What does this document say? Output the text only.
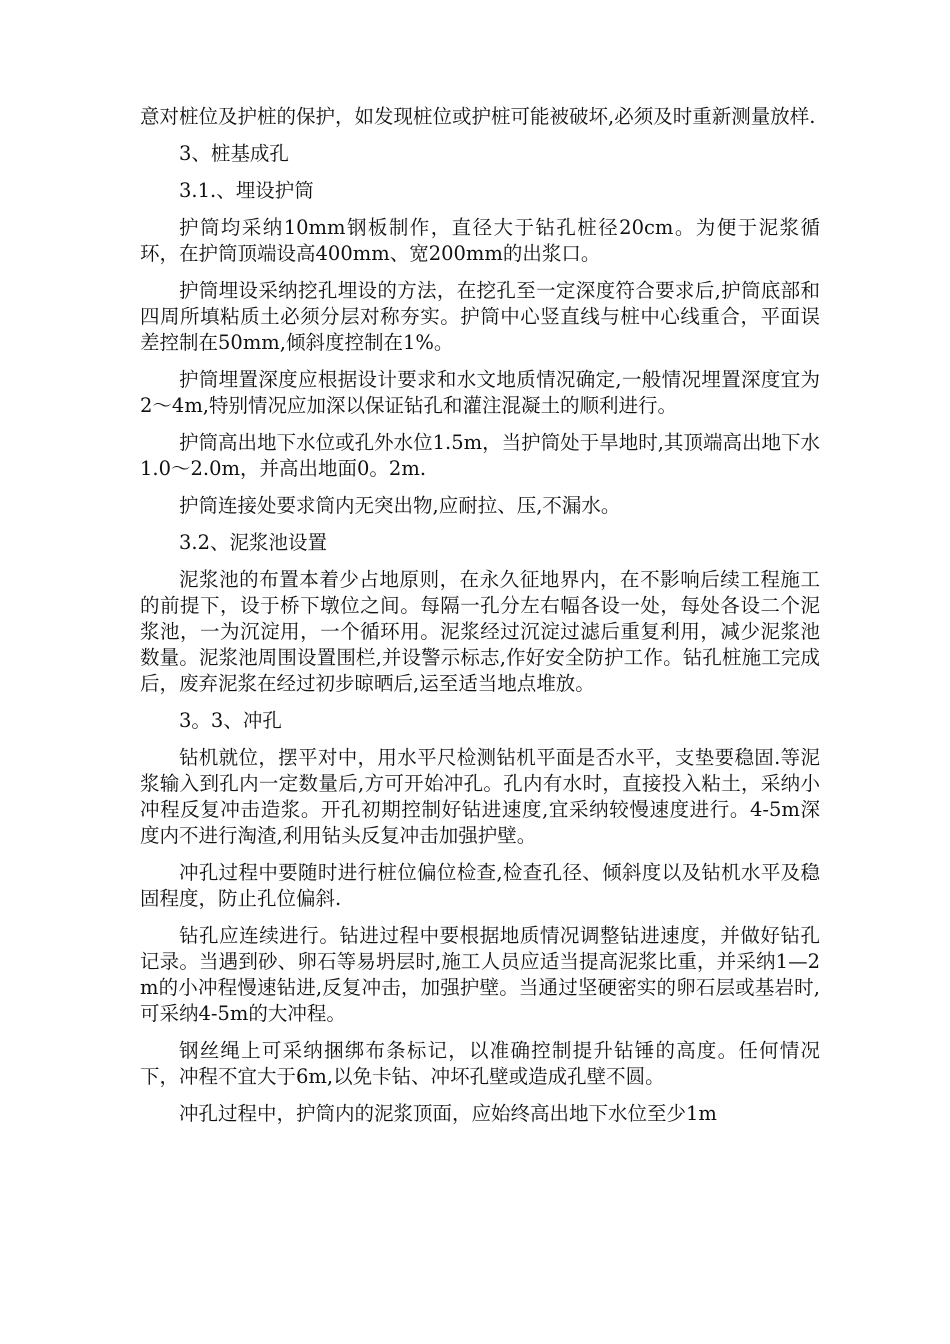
意对桩位及护桩的保护，如发现桩位或护桩可能被破坏,必须及时重新测量放样.

3、桩基成孔

3.1.、埋设护筒

护筒均采纳10mm钢板制作，直径大于钻孔桩径20cm。为便于泥浆循环，在护筒顶端设高400mm、宽200mm的出浆口。

护筒埋设采纳挖孔埋设的方法，在挖孔至一定深度符合要求后,护筒底部和四周所填粘质土必须分层对称夯实。护筒中心竖直线与桩中心线重合，平面误差控制在50mm,倾斜度控制在1%。

护筒埋置深度应根据设计要求和水文地质情况确定,一般情况埋置深度宜为2～4m,特别情况应加深以保证钻孔和灌注混凝土的顺利进行。

护筒高出地下水位或孔外水位1.5m，当护筒处于旱地时,其顶端高出地下水1.0～2.0m，并高出地面0。2m.

护筒连接处要求筒内无突出物,应耐拉、压,不漏水。

3.2、泥浆池设置

泥浆池的布置本着少占地原则，在永久征地界内，在不影响后续工程施工的前提下，设于桥下墩位之间。每隔一孔分左右幅各设一处，每处各设二个泥浆池，一为沉淀用，一个循环用。泥浆经过沉淀过滤后重复利用，减少泥浆池数量。泥浆池周围设置围栏,并设警示标志,作好安全防护工作。钻孔桩施工完成后，废弃泥浆在经过初步晾晒后,运至适当地点堆放。

3。3、冲孔

钻机就位，摆平对中，用水平尺检测钻机平面是否水平，支垫要稳固.等泥浆输入到孔内一定数量后,方可开始冲孔。孔内有水时，直接投入粘土，采纳小冲程反复冲击造浆。开孔初期控制好钻进速度,宜采纳较慢速度进行。4-5m深度内不进行淘渣,利用钻头反复冲击加强护壁。

冲孔过程中要随时进行桩位偏位检查,检查孔径、倾斜度以及钻机水平及稳固程度，防止孔位偏斜.

钻孔应连续进行。钻进过程中要根据地质情况调整钻进速度，并做好钻孔记录。当遇到砂、卵石等易坍层时,施工人员应适当提高泥浆比重，并采纳1—2m的小冲程慢速钻进,反复冲击，加强护壁。当通过坚硬密实的卵石层或基岩时,可采纳4-5m的大冲程。

钢丝绳上可采纳捆绑布条标记，以准确控制提升钻锤的高度。任何情况下，冲程不宜大于6m,以免卡钻、冲坏孔壁或造成孔壁不圆。

冲孔过程中，护筒内的泥浆顶面，应始终高出地下水位至少1m
